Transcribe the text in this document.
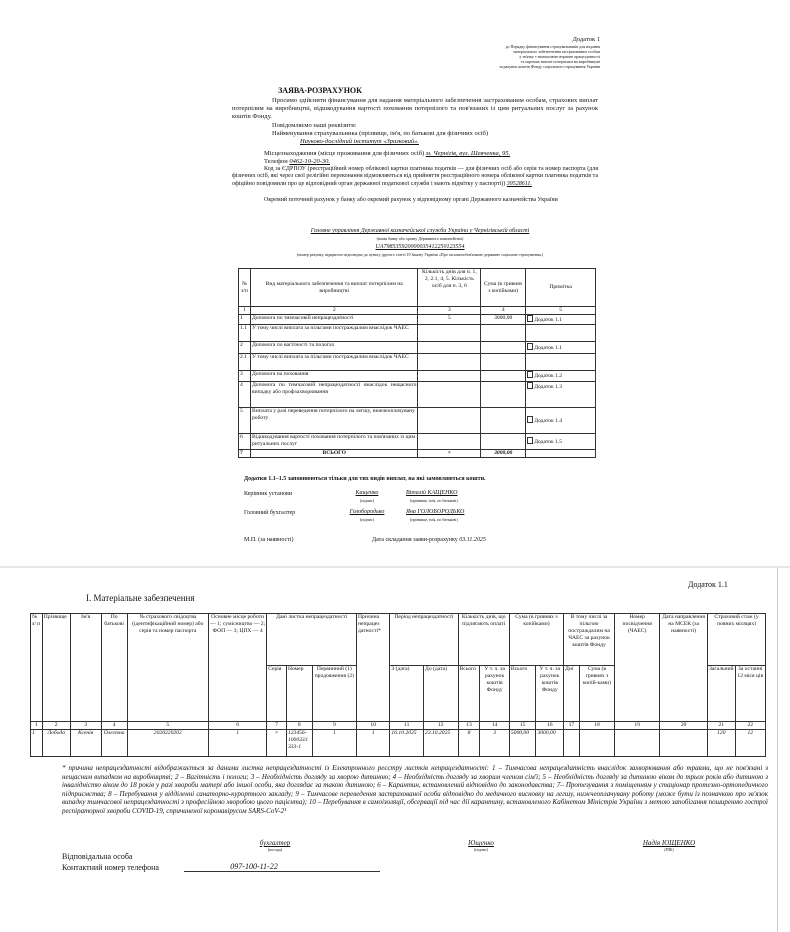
Додаток 1
до Порядку фінансування страхувальників для надання
матеріального забезпечення застрахованим особам
у зв'язку з тимчасовою втратою працездатності
та окремих виплат потерпілим на виробництві
за рахунок коштів Фонду соціального страхування України
ЗАЯВА-РОЗРАХУНОК
Просимо здійснити фінансування для надання матеріального забезпечення застрахованим особам, страхових виплат потерпілим на виробництві, відшкодування вартості поховання потерпілого та пов'язаних із цим ритуальних послуг за рахунок коштів Фонду.
Повідомляємо наші реквізити:
Найменування страхувальника (прізвище, ім'я, по батькові для фізичних осіб)
Науково-дослідний інститут «Зразковий».
Місцезнаходження (місце проживання для фізичних осіб) м. Чернігів, вул. Шевченка, 95.
Телефон 0462-10-20-30.
Код за ЄДРПОУ (реєстраційний номер облікової картки платника податків — для фізичних осіб або серія та номер паспорта (для фізичних осіб, які через свої релігійні переконання відмовляються від прийняття реєстраційного номера облікової картки платника податків та офіційно повідомили про це відповідний орган державної податкової служби і мають відмітку у паспорті)) 39528611.
Окремий поточний рахунок у банку або окремий рахунок у відповідному органі Державного казначейства України
Головне управління Державної казначейської служби України у Чернігівській області
(назва банку або органу Державного казначейства)
UA798535920000035412250123554
(номер рахунку, відкритого відповідно до пункту другого статті 19 Закону України «Про загальнообов'язкове державне соціальне страхування»)
№ з/п	Вид матеріального забезпечення та виплат потерпілим на виробництві	Кількість днів для п. 1, 2, 2.1, 4, 5. Кількість осіб для п. 3, 6	Сума (в гривнях з копійками)	Примітка
1	2	3	4	5
1	Допомога по тимчасовій непрацездатності	5	3000,00	Додаток 1.1
1.1	У тому числі виплата за пільгами постраждалим внаслідок ЧАЕС			
2	Допомога по вагітності та пологах			Додаток 1.1
2.1	У тому числі виплата за пільгами постраждалим внаслідок ЧАЕС			
3	Допомога на поховання			Додаток 1.2
4	Допомога по тимчасовій непрацездатності внаслідок нещасного випадку або профзахворювання			Додаток 1.3
5	Виплата у разі переведення потерпілого на легшу, нижчеоплачувану роботу			Додаток 1.4
6	Відшкодування вартості поховання потерпілого та пов'язаних із цим ритуальних послуг			Додаток 1.5
7	ВСЬОГО	×	3000,00	
Додатки 1.1–1.5 заповнюються тільки для тих видів виплат, на які замовляються кошти.
Керівник установи	Кащенко
(підпис)
Віталій КАЩЕНКО
(прізвище, ім'я, по батькові)
Головний бухгалтер	Голобородько
(підпис)
Яна ГОЛОБОРОДЬКО
(прізвище, ім'я, по батькові)
М.П. (за наявності)	Дата складання заяви-розрахунку 03.11.2025
Додаток 1.1
I. Матеріальне забезпечення
№ з/ п	Прізвище	Ім'я	По батькові	№ страхового свідоцтва (ідентифікаційний номер) або серія та номер паспорта	Основне місце роботи — 1; сумісництво — 2; ФОП — 3; ЦПХ — 4	Дані листка непрацездатності			Причина непрацез датності*	Період непрацездатності		Кількість днів, що підлягають оплаті		Сума (в гривнях з копійками)		В тому числі за пільгою постраждалим на ЧАЕС за рахунок коштів Фонду		Номер посвідчення (ЧАЕС)	Дата направлення на МСЕК (за наявності)	Страховий стаж (у повних місяцях)	
						Серія	Номер	Первинний (1) продовження (2)		З (дата)	До (дата)	Всього	У т. ч. за рахунок коштів Фонду	Всього	У т. ч. за рахунок коштів Фонду	Дні	Сума (в гривнях з копій-ками)			Загальний	За останні 12 міся ців
1	2	3	4	5	6	7	8	9	10	11	12	13	14	15	16	17	18	19	20	21	22
1	Лобода	Ксенія	Олегівна	2020220202	1	×	123456-1000333 333-1	1	1	16.10.2025	23.10.2025	8	3	5000,00	3000,00					120	12
* причина непрацездатності відображається за даними листка непрацездатності із Електронного реєстру листків непрацездатності: 1 – Тимчасова непрацездатність внаслідок захворювання або травми, що не пов'язані з нещасним випадком на виробництві; 2 – Вагітність і пологи; 3 – Необхідність догляду за хворою дитиною; 4 – Необхідність догляду за хворим членом сім'ї; 5 – Необхідність догляду за дитиною віком до трьох років або дитиною з інвалідністю віком до 18 років у разі хвороби матері або іншої особи, яка доглядає за такою дитиною; 6 – Карантин, встановлений відповідно до законодавства; 7– Протезування з поміщенням у стаціонар протезно-ортопедичного підприємства; 8 – Перебування у відділенні санаторно-курортного закладу; 9 – Тимчасове переведення застрахованої особи відповідно до медичного висновку на легшу, нижчеоплачувану роботу (може бути із позначкою про зв'язок випадку тимчасової непрацездатності з професійною хворобою цього пацієнта); 10 – Перебування в самоізоляції, обсервації під час дії карантину, встановленого Кабінетом Міністрів України з метою запобігання поширенню гострої респіраторної хвороби COVID-19, спричиненої коронавірусом SARS-CoV-2¹
бухгалтер
(посада)
Ющенко
(підпис)
Надія ЮЩЕНКО
(ПІБ)
Відповідальна особа
Контактний номер телефона	097-100-11-22
